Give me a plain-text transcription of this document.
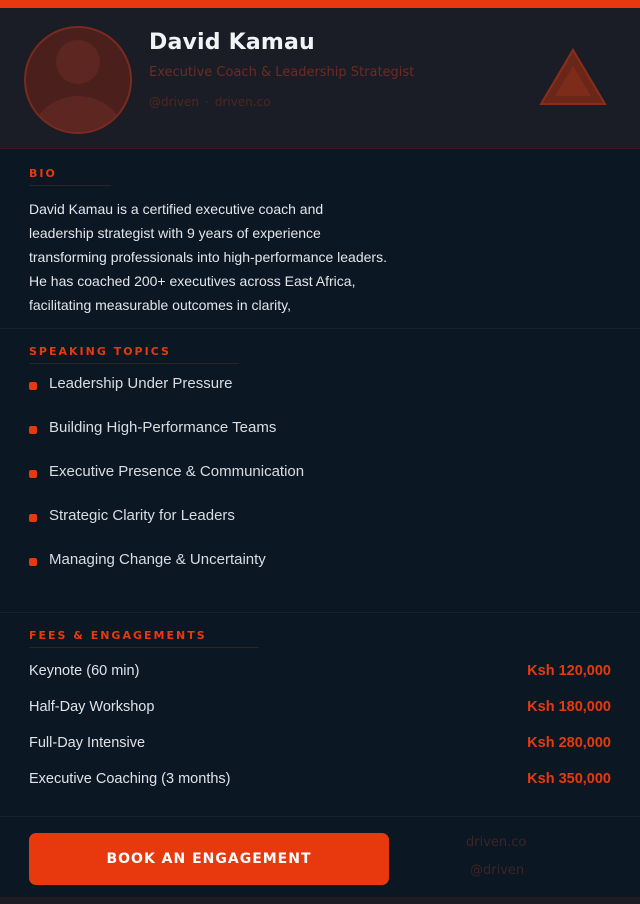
David Kamau
Executive Coach & Leadership Strategist
@driven · driven.co
BIO
David Kamau is a certified executive coach and leadership strategist with 9 years of experience transforming professionals into high-performance leaders. He has coached 200+ executives across East Africa, facilitating measurable outcomes in clarity,
SPEAKING TOPICS
Leadership Under Pressure
Building High-Performance Teams
Executive Presence & Communication
Strategic Clarity for Leaders
Managing Change & Uncertainty
FEES & ENGAGEMENTS
Keynote (60 min)	Ksh 120,000
Half-Day Workshop	Ksh 180,000
Full-Day Intensive	Ksh 280,000
Executive Coaching (3 months)	Ksh 350,000
BOOK AN ENGAGEMENT
driven.co
@driven
